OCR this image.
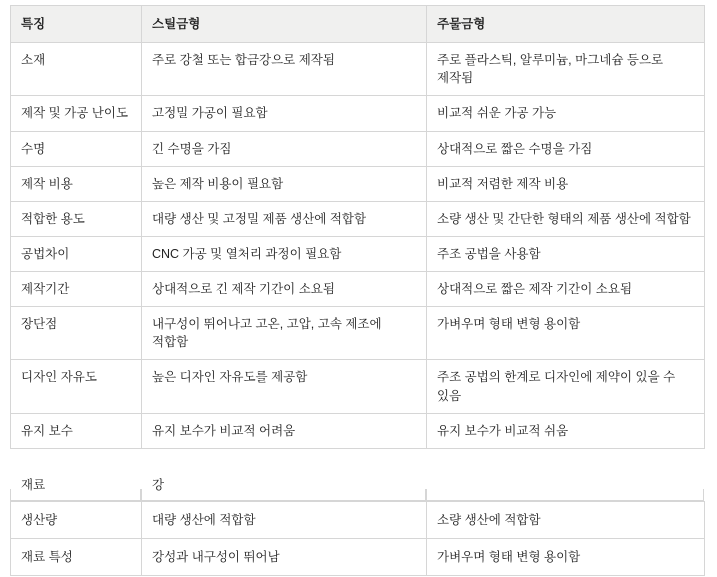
특징	스틸금형	주물금형
소재	주로 강철 또는 합금강으로 제작됨	주로 플라스틱, 알루미늄, 마그네슘 등으로 제작됨
제작 및 가공 난이도	고정밀 가공이 필요함	비교적 쉬운 가공 가능
수명	긴 수명을 가짐	상대적으로 짧은 수명을 가짐
제작 비용	높은 제작 비용이 필요함	비교적 저렴한 제작 비용
적합한 용도	대량 생산 및 고정밀 제품 생산에 적합함	소량 생산 및 간단한 형태의 제품 생산에 적합함
공법차이	CNC 가공 및 열처리 과정이 필요함	주조 공법을 사용함
제작기간	상대적으로 긴 제작 기간이 소요됨	상대적으로 짧은 제작 기간이 소요됨
장단점	내구성이 뛰어나고 고온, 고압, 고속 제조에 적합함	가벼우며 형태 변형 용이함
디자인 자유도	높은 디자인 자유도를 제공함	주조 공법의 한계로 디자인에 제약이 있을 수 있음
유지 보수	유지 보수가 비교적 어려움	유지 보수가 비교적 쉬움
재료	강
생산량	대량 생산에 적합함	소량 생산에 적합함
재료 특성	강성과 내구성이 뛰어남	가벼우며 형태 변형 용이함
